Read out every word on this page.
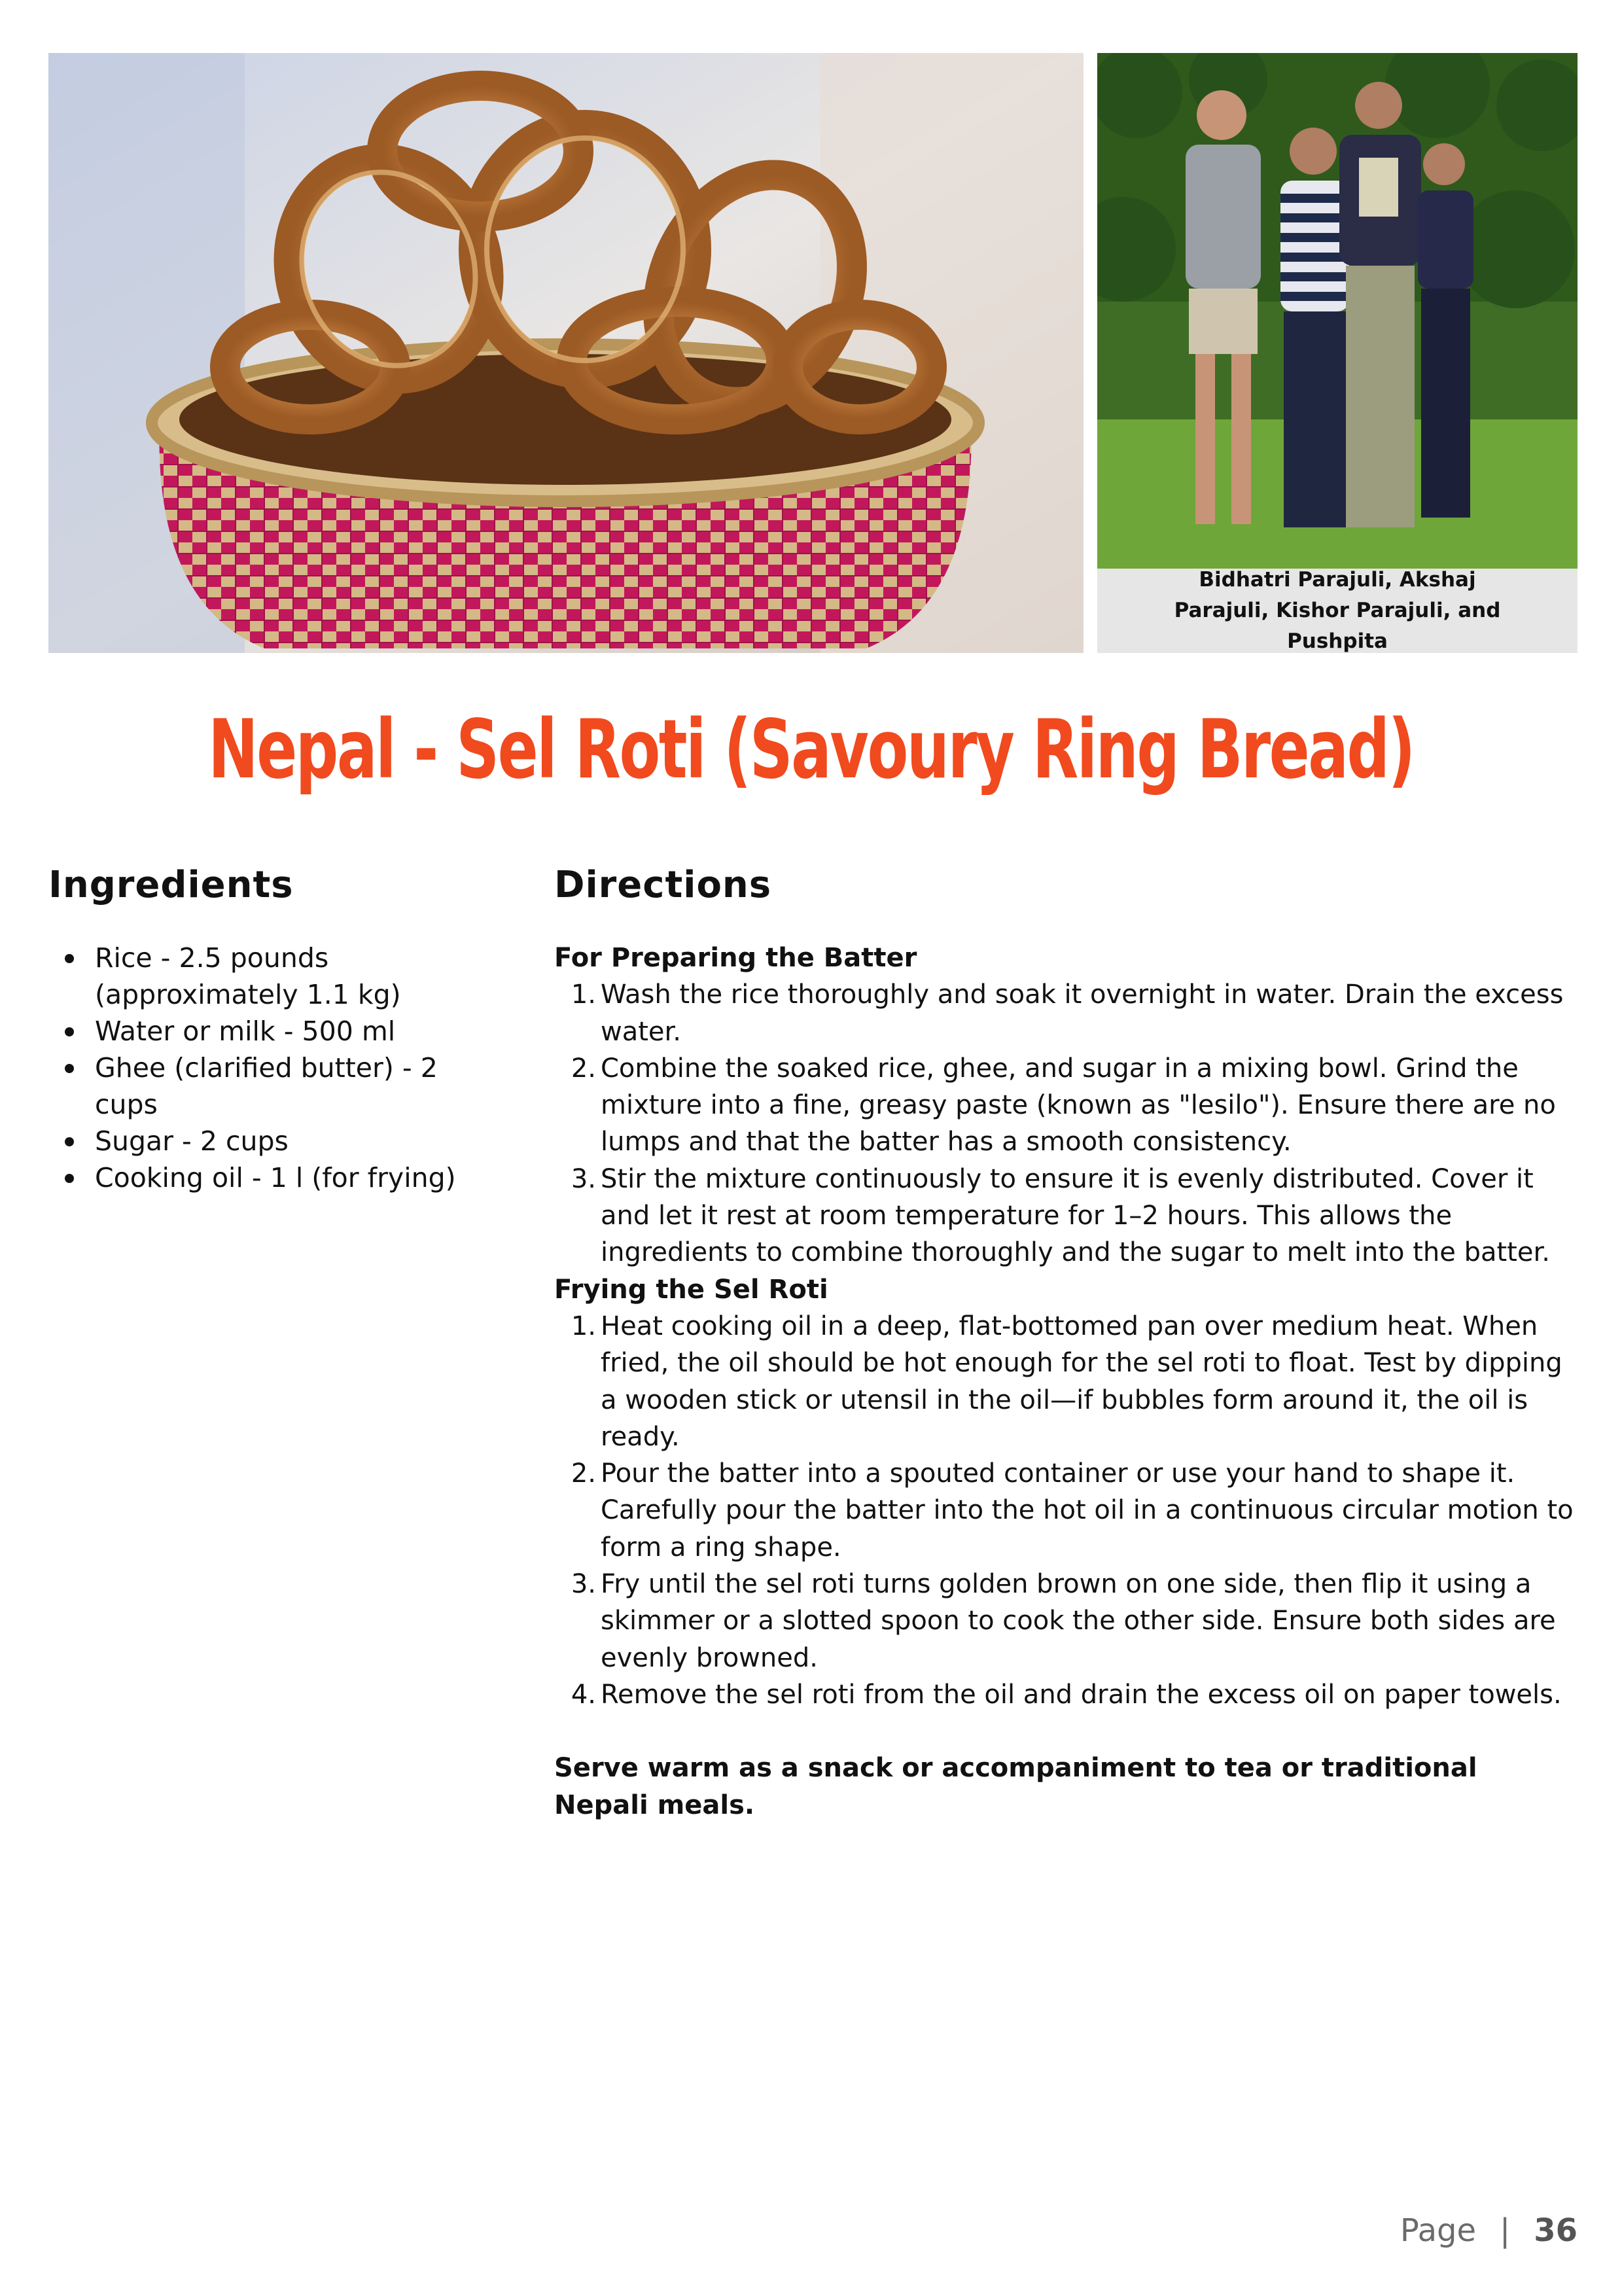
Bidhatri Parajuli, Akshaj Parajuli, Kishor Parajuli, and Pushpita
Nepal - Sel Roti (Savoury Ring Bread)
Ingredients	Directions
Rice - 2.5 pounds (approximately 1.1 kg)
Water or milk - 500 ml
Ghee (clarified butter) - 2 cups
Sugar - 2 cups
Cooking oil - 1 l (for frying)
For Preparing the Batter
1. Wash the rice thoroughly and soak it overnight in water. Drain the excess water.
2. Combine the soaked rice, ghee, and sugar in a mixing bowl. Grind the mixture into a fine, greasy paste (known as "lesilo"). Ensure there are no lumps and that the batter has a smooth consistency.
3. Stir the mixture continuously to ensure it is evenly distributed. Cover it and let it rest at room temperature for 1–2 hours. This allows the ingredients to combine thoroughly and the sugar to melt into the batter.
Frying the Sel Roti
1. Heat cooking oil in a deep, flat-bottomed pan over medium heat. When fried, the oil should be hot enough for the sel roti to float. Test by dipping a wooden stick or utensil in the oil—if bubbles form around it, the oil is ready.
2. Pour the batter into a spouted container or use your hand to shape it. Carefully pour the batter into the hot oil in a continuous circular motion to form a ring shape.
3. Fry until the sel roti turns golden brown on one side, then flip it using a skimmer or a slotted spoon to cook the other side. Ensure both sides are evenly browned.
4. Remove the sel roti from the oil and drain the excess oil on paper towels.
Serve warm as a snack or accompaniment to tea or traditional Nepali meals.
Page | 36
